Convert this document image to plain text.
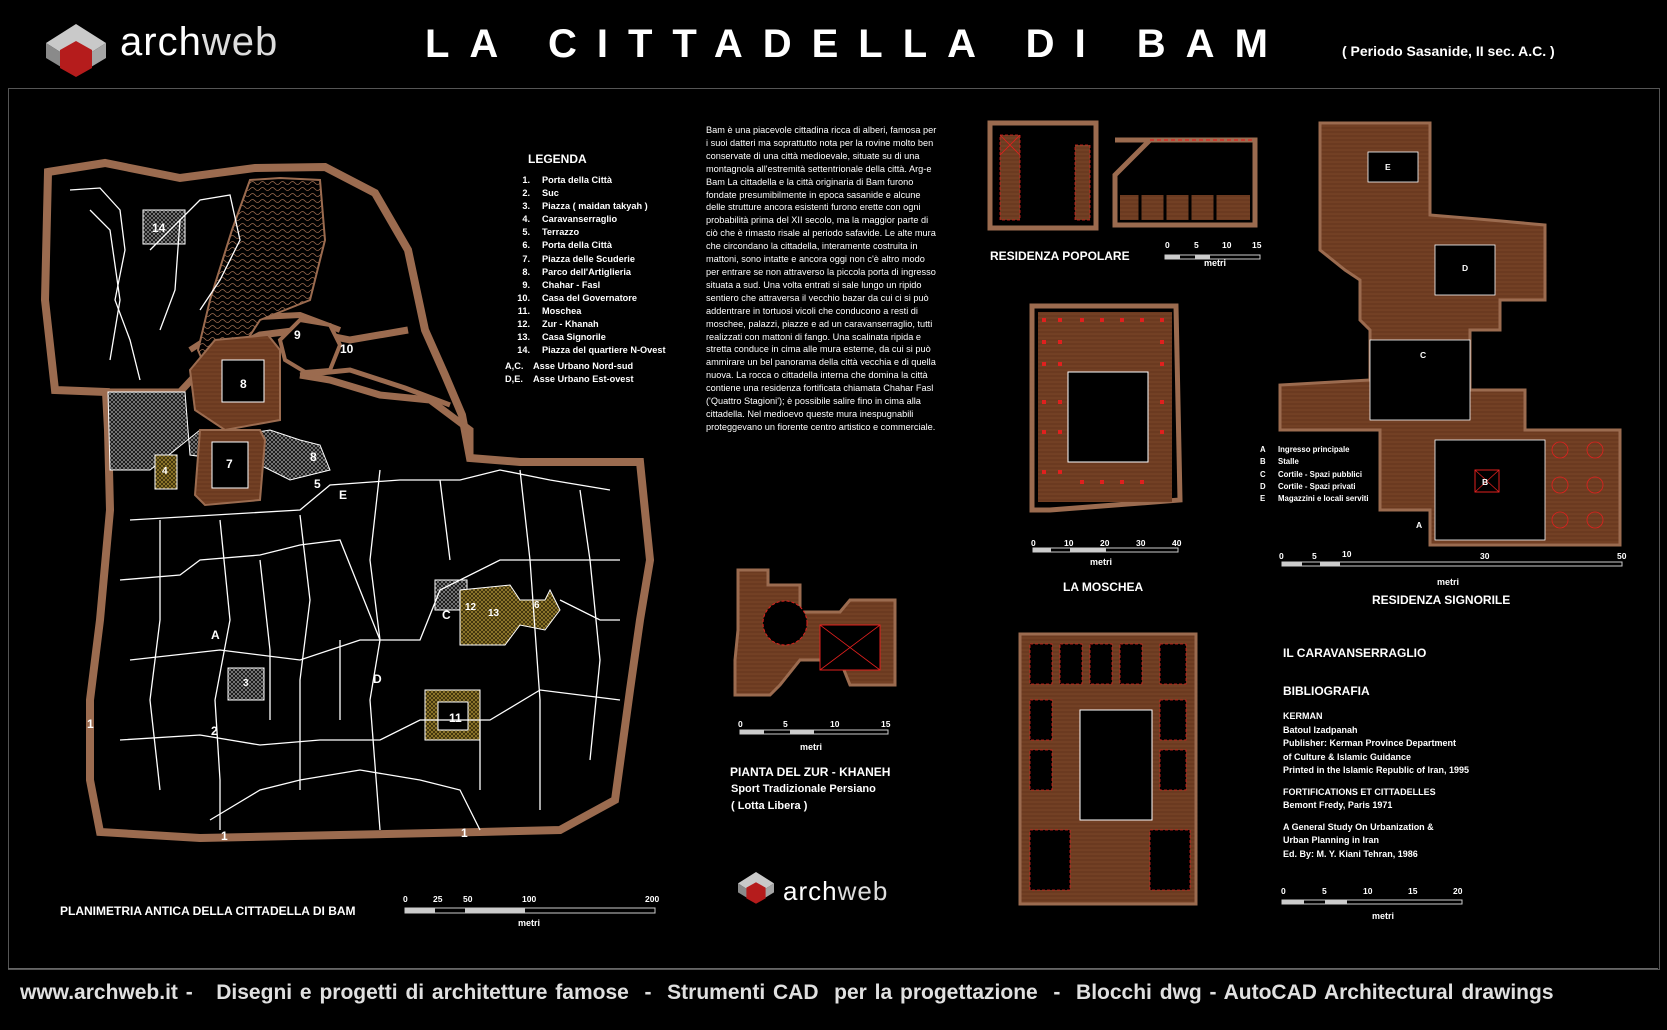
arch web
arch web
LA CITTADELLA DI BAM	( Periodo Sasanide, II sec. A.C. )
LEGENDA
1.	Porta della Città
2.	Suc
3.	Piazza ( maidan takyah )
4.	Caravanserraglio
5.	Terrazzo
6.	Porta della Città
7.	Piazza delle Scuderie
8.	Parco dell'Artiglieria
9.	Chahar - Fasl
10.	Casa del Governatore
11.	Moschea
12.	Zur - Khanah
13.	Casa Signorile
14.	Piazza del quartiere N-Ovest
A,C.	Asse Urbano Nord-sud
D,E.	Asse Urbano Est-ovest
Bam è una piacevole cittadina ricca di alberi, famosa per i suoi datteri ma soprattutto nota per la rovine molto ben conservate di una città medioevale, situate su di una montagnola all'estremità settentrionale della città. Arg-e Bam La cittadella e la città originaria di Bam furono fondate presumibilmente in epoca sasanide e alcune delle strutture ancora esistenti furono erette con ogni probabilità prima del XII secolo, ma la maggior parte di ciò che è rimasto risale al periodo safavide. Le alte mura che circondano la cittadella, interamente costruita in mattoni, sono intatte e ancora oggi non c'è altro modo per entrare se non attraverso la piccola porta di ingresso situata a sud. Una volta entrati si sale lungo un ripido sentiero che attraversa il vecchio bazar da cui ci si può addentrare in tortuosi vicoli che conducono a resti di moschee, palazzi, piazze e ad un caravanserraglio, tutti realizzati con mattoni di fango. Una scalinata ripida e stretta conduce in cima alle mura esterne, da cui si può ammirare un bel panorama della città vecchia e di quella nuova. La rocca o cittadella interna che domina la città contiene una residenza fortificata chiamata Chahar Fasl ('Quattro Stagioni'); è possibile salire fino in cima alla cittadella. Nel medioevo queste mura inespugnabili proteggevano un fiorente centro artistico e commerciale.
14
9
10
8
7	8
5
E
4
C
12
13
6
A
3	D
11
2
1
1	1
PLANIMETRIA ANTICA DELLA CITTADELLA DI BAM
0	25 50	100	200
metri
RESIDENZA POPOLARE
0	5	10 15
metri
0	10	20	30	40
metri
LA MOSCHEA
0	5	10	15
metri
PIANTA DEL ZUR - KHANEH
Sport Tradizionale Persiano
( Lotta Libera )
E
D
C
B
A
A	Ingresso principale
B	Stalle
C	Cortile - Spazi pubblici
D	Cortile - Spazi privati
E	Magazzini e locali serviti
0	5	10	30	50
metri
RESIDENZA SIGNORILE
IL CARAVANSERRAGLIO
BIBLIOGRAFIA
KERMAN
Batoul Izadpanah
Publisher: Kerman Province Department
of Culture & Islamic Guidance
Printed in the Islamic Republic of Iran, 1995
FORTIFICATIONS ET CITTADELLES
Bemont Fredy, Paris 1971
A General Study On Urbanization &
Urban Planning in Iran
Ed. By: M. Y. Kiani Tehran, 1986
0	5	10	15	20
metri
www.archweb.it -   Disegni e progetti di architetture famose  -  Strumenti CAD  per la progettazione  -  Blocchi dwg - AutoCAD Architectural drawings
